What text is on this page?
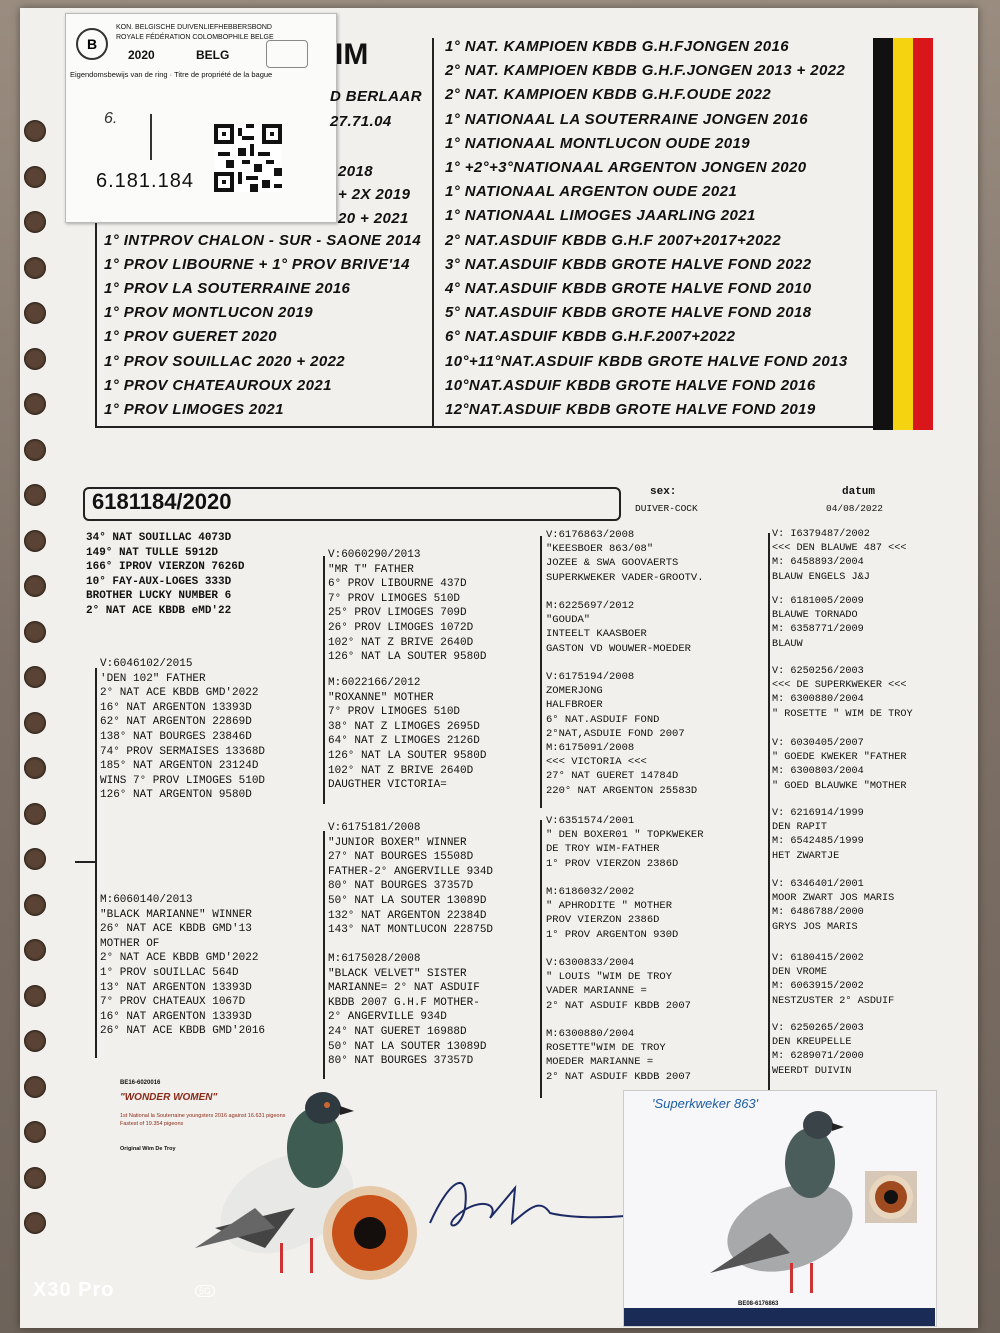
B
KON. BELGISCHE DUIVENLIEFHEBBERSBOND
ROYALE FÉDÉRATION COLOMBOPHILE BELGE
2020	BELG
Eigendomsbewijs van de ring · Titre de propriété de la bague
6.
6.181.184
IM
D BERLAAR
27.71.04
2018
+ 2X 2019
20 + 2021
1° INTPROV CHALON - SUR - SAONE 2014
1° PROV LIBOURNE + 1° PROV BRIVE'14
1° PROV LA SOUTERRAINE 2016
1° PROV MONTLUCON 2019
1° PROV GUERET 2020
1° PROV SOUILLAC 2020 + 2022
1° PROV CHATEAUROUX 2021
1° PROV LIMOGES 2021
1° NAT. KAMPIOEN KBDB G.H.FJONGEN 2016
2° NAT. KAMPIOEN KBDB G.H.F.JONGEN 2013 + 2022
2° NAT. KAMPIOEN KBDB G.H.F.OUDE 2022
1° NATIONAAL LA SOUTERRAINE JONGEN 2016
1° NATIONAAL MONTLUCON OUDE 2019
1° +2°+3°NATIONAAL ARGENTON JONGEN 2020
1° NATIONAAL ARGENTON OUDE 2021
1° NATIONAAL LIMOGES JAARLING 2021
2° NAT.ASDUIF KBDB G.H.F 2007+2017+2022
3° NAT.ASDUIF KBDB GROTE HALVE FOND 2022
4° NAT.ASDUIF KBDB GROTE HALVE FOND 2010
5° NAT.ASDUIF KBDB GROTE HALVE FOND 2018
6° NAT.ASDUIF KBDB G.H.F.2007+2022
10°+11°NAT.ASDUIF KBDB GROTE HALVE FOND 2013
10°NAT.ASDUIF KBDB GROTE HALVE FOND 2016
12°NAT.ASDUIF KBDB GROTE HALVE FOND 2019
6181184/2020	sex:
DUIVER-COCK
datum
04/08/2022
34° NAT SOUILLAC 4073D
149° NAT TULLE 5912D
166° IPROV VIERZON 7626D
10° FAY-AUX-LOGES 333D
BROTHER LUCKY NUMBER 6
2° NAT ACE KBDB eMD'22
V:6046102/2015
'DEN 102" FATHER
2° NAT ACE KBDB GMD'2022
16° NAT ARGENTON 13393D
62° NAT ARGENTON 22869D
138° NAT BOURGES 23846D
74° PROV SERMAISES 13368D
185° NAT ARGENTON 23124D
WINS 7° PROV LIMOGES 510D
126° NAT ARGENTON 9580D
M:6060140/2013
"BLACK MARIANNE" WINNER
26° NAT ACE KBDB GMD'13
MOTHER OF
2° NAT ACE KBDB GMD'2022
1° PROV sOUILLAC 564D
13° NAT ARGENTON 13393D
7° PROV CHATEAUX 1067D
16° NAT ARGENTON 13393D
26° NAT ACE KBDB GMD'2016
V:6060290/2013
"MR T" FATHER
6° PROV LIBOURNE 437D
7° PROV LIMOGES 510D
25° PROV LIMOGES 709D
26° PROV LIMOGES 1072D
102° NAT Z BRIVE 2640D
126° NAT LA SOUTER 9580D
M:6022166/2012
"ROXANNE" MOTHER
7° PROV LIMOGES 510D
38° NAT Z LIMOGES 2695D
64° NAT Z LIMOGES 2126D
126° NAT LA SOUTER 9580D
102° NAT Z BRIVE 2640D
DAUGTHER VICTORIA=
V:6175181/2008
"JUNIOR BOXER" WINNER
27° NAT BOURGES 15508D
FATHER-2° ANGERVILLE 934D
80° NAT BOURGES 37357D
50° NAT LA SOUTER 13089D
132° NAT ARGENTON 22384D
143° NAT MONTLUCON 22875D
M:6175028/2008
"BLACK VELVET" SISTER
MARIANNE= 2° NAT ASDUIF
KBDB 2007 G.H.F MOTHER-
2° ANGERVILLE 934D
24° NAT GUERET 16988D
50° NAT LA SOUTER 13089D
80° NAT BOURGES 37357D
V:6176863/2008
"KEESBOER 863/08"
JOZEE & SWA GOOVAERTS
SUPERKWEKER VADER-GROOTV.
M:6225697/2012
"GOUDA"
INTEELT KAASBOER
GASTON VD WOUWER-MOEDER
V:6175194/2008
ZOMERJONG
HALFBROER
6° NAT.ASDUIF FOND
2°NAT,ASDUIE FOND 2007
M:6175091/2008
<<< VICTORIA <<<
27° NAT GUERET 14784D
220° NAT ARGENTON 25583D
V:6351574/2001
" DEN BOXER01 " TOPKWEKER
DE TROY WIM-FATHER
1° PROV VIERZON 2386D
M:6186032/2002
" APHRODITE " MOTHER
PROV VIERZON 2386D
1° PROV ARGENTON 930D
V:6300833/2004
" LOUIS "WIM DE TROY
VADER MARIANNE =
2° NAT ASDUIF KBDB 2007
M:6300880/2004
ROSETTE"WIM DE TROY
MOEDER MARIANNE =
2° NAT ASDUIF KBDB 2007
V: I6379487/2002
<<< DEN BLAUWE 487 <<<
M: 6458893/2004
BLAUW ENGELS J&J
V: 6181005/2009
BLAUWE TORNADO
M: 6358771/2009
BLAUW
V: 6250256/2003
<<< DE SUPERKWEKER <<<
M: 6300880/2004
" ROSETTE " WIM DE TROY
V: 6030405/2007
" GOEDE KWEKER "FATHER
M: 6300803/2004
" GOED BLAUWKE "MOTHER
V: 6216914/1999
DEN RAPIT
M: 6542485/1999
HET ZWARTJE
V: 6346401/2001
MOOR ZWART JOS MARIS
M: 6486788/2000
GRYS JOS MARIS
V: 6180415/2002
DEN VROME
M: 6063915/2002
NESTZUSTER 2° ASDUIF
V: 6250265/2003
DEN KREUPELLE
M: 6289071/2000
WEERDT DUIVIN
BE16-6020016
"WONDER WOMEN"
1st National la Souterraine youngsters 2016 against 16.631 pigeons
Fastest of 19.354 pigeons
Original Wim De Troy
'Superkweker 863'
BE08-6176863
X30 Pro	5G
